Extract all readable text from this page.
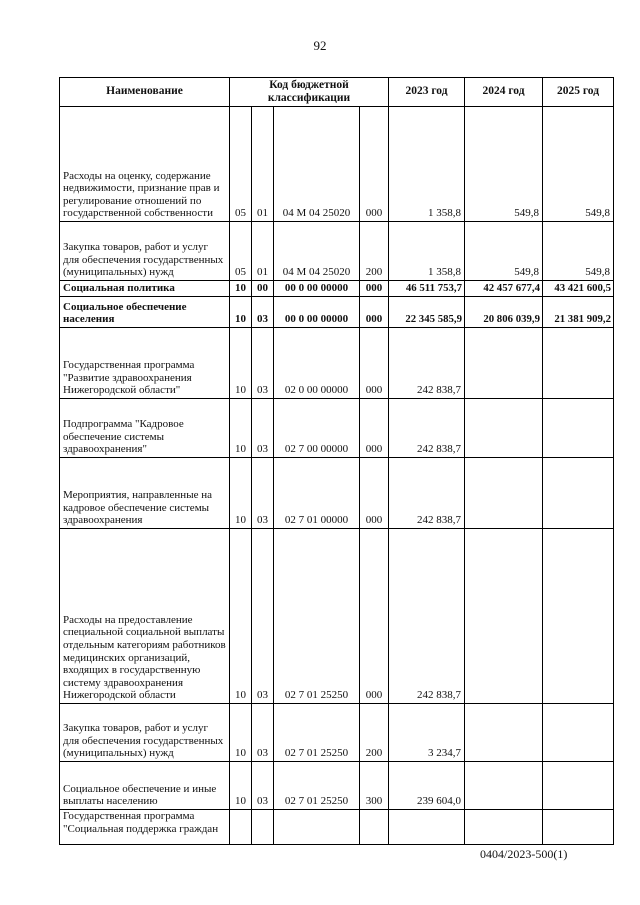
92
Наименование	Код бюджетной классификации				2023 год	2024 год	2025 год
Расходы на оценку, содержание недвижимости, признание прав и регулирование отношений по государственной собственности	05	01	04 М 04 25020	000	1 358,8	549,8	549,8
Закупка товаров, работ и услуг для обеспечения государственных (муниципальных) нужд	05	01	04 М 04 25020	200	1 358,8	549,8	549,8
Социальная политика	10	00	00 0 00 00000	000	46 511 753,7	42 457 677,4	43 421 600,5
Социальное обеспечение населения	10	03	00 0 00 00000	000	22 345 585,9	20 806 039,9	21 381 909,2
Государственная программа "Развитие здравоохранения Нижегородской области"	10	03	02 0 00 00000	000	242 838,7		
Подпрограмма "Кадровое обеспечение системы здравоохранения"	10	03	02 7 00 00000	000	242 838,7		
Мероприятия, направленные на кадровое обеспечение системы здравоохранения	10	03	02 7 01 00000	000	242 838,7		
Расходы на предоставление специальной социальной выплаты отдельным категориям работников медицинских организаций, входящих в государственную систему здравоохранения Нижегородской области	10	03	02 7 01 25250	000	242 838,7		
Закупка товаров, работ и услуг для обеспечения государственных (муниципальных) нужд	10	03	02 7 01 25250	200	3 234,7		
Социальное обеспечение и иные выплаты населению	10	03	02 7 01 25250	300	239 604,0		
Государственная программа "Социальная поддержка граждан							
0404/2023-500(1)
